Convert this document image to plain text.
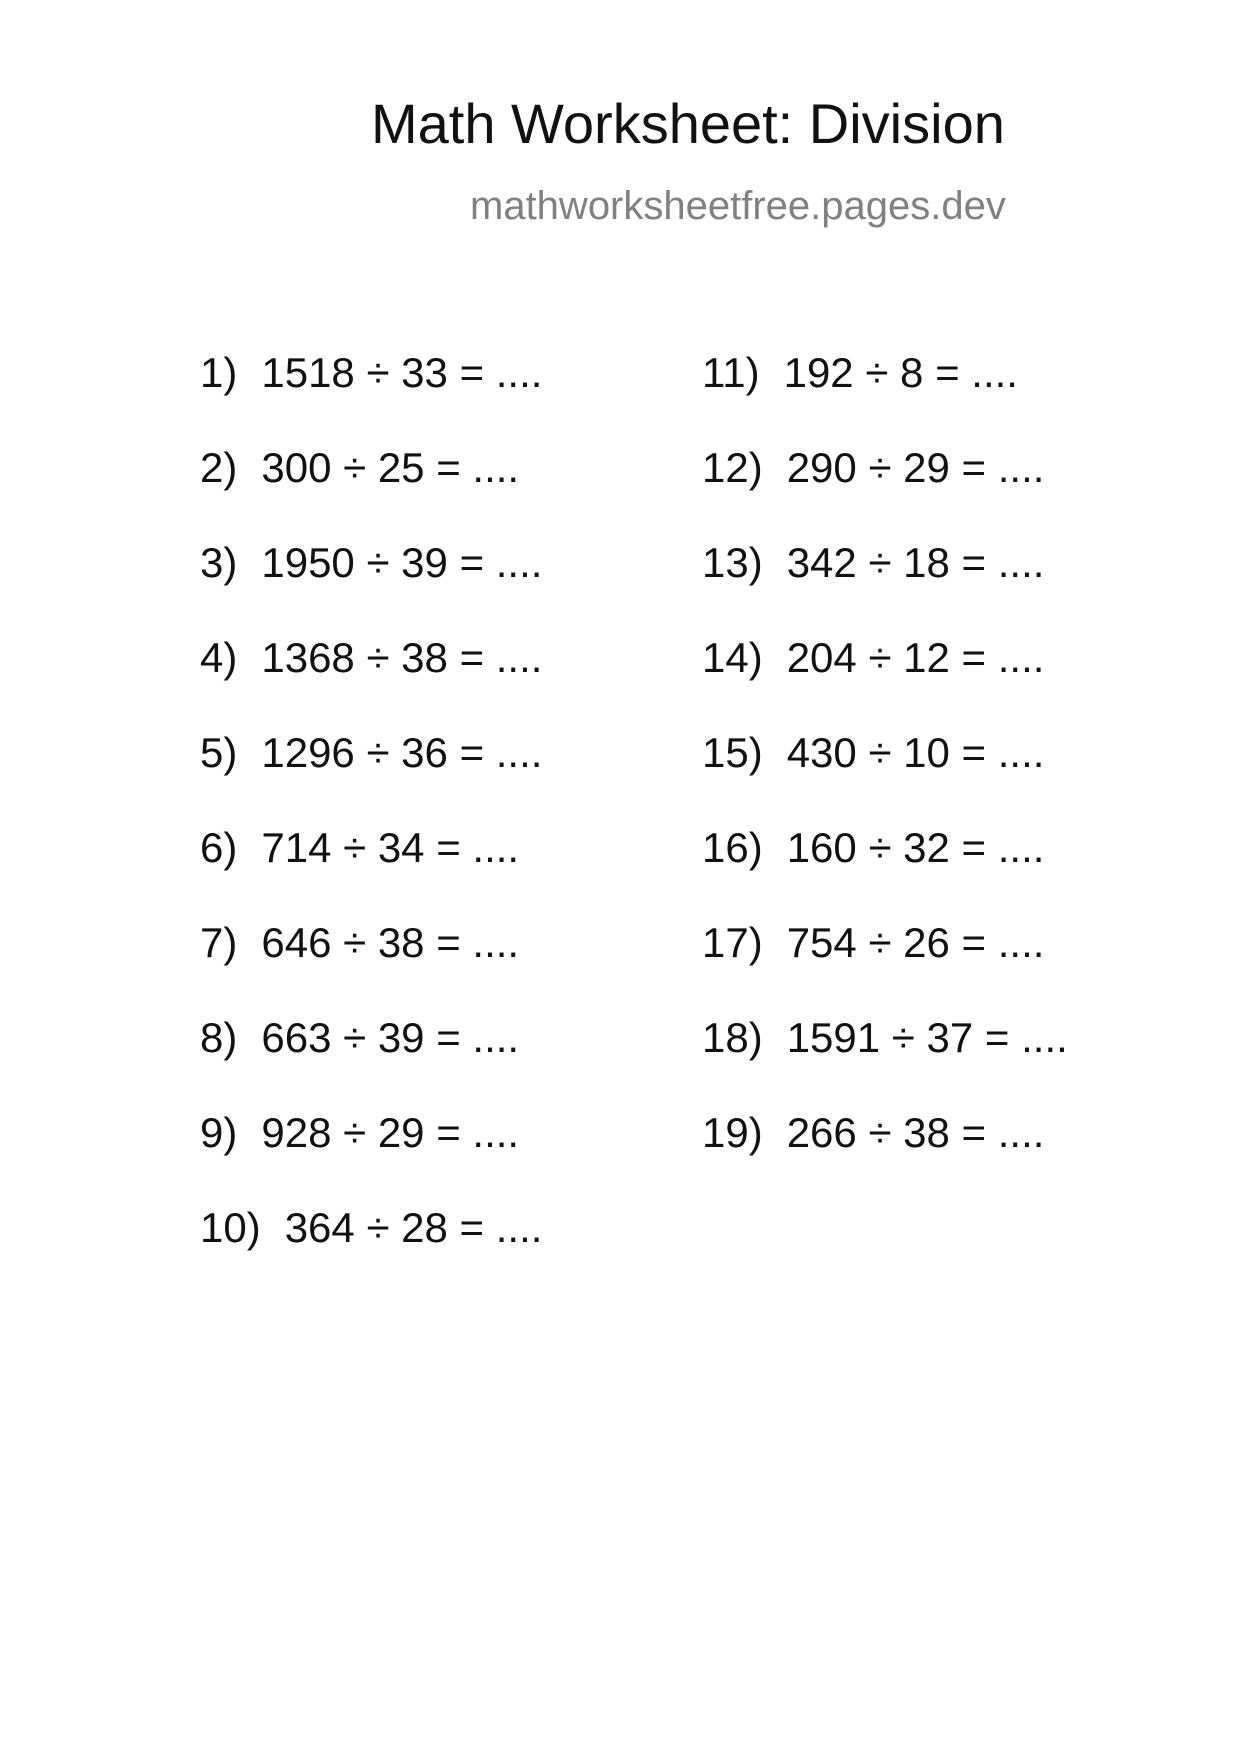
Math Worksheet: Division
mathworksheetfree.pages.dev
1) 1518 ÷ 33 = ....
2) 300 ÷ 25 = ....
3) 1950 ÷ 39 = ....
4) 1368 ÷ 38 = ....
5) 1296 ÷ 36 = ....
6) 714 ÷ 34 = ....
7) 646 ÷ 38 = ....
8) 663 ÷ 39 = ....
9) 928 ÷ 29 = ....
10) 364 ÷ 28 = ....
11) 192 ÷ 8 = ....
12) 290 ÷ 29 = ....
13) 342 ÷ 18 = ....
14) 204 ÷ 12 = ....
15) 430 ÷ 10 = ....
16) 160 ÷ 32 = ....
17) 754 ÷ 26 = ....
18) 1591 ÷ 37 = ....
19) 266 ÷ 38 = ....
